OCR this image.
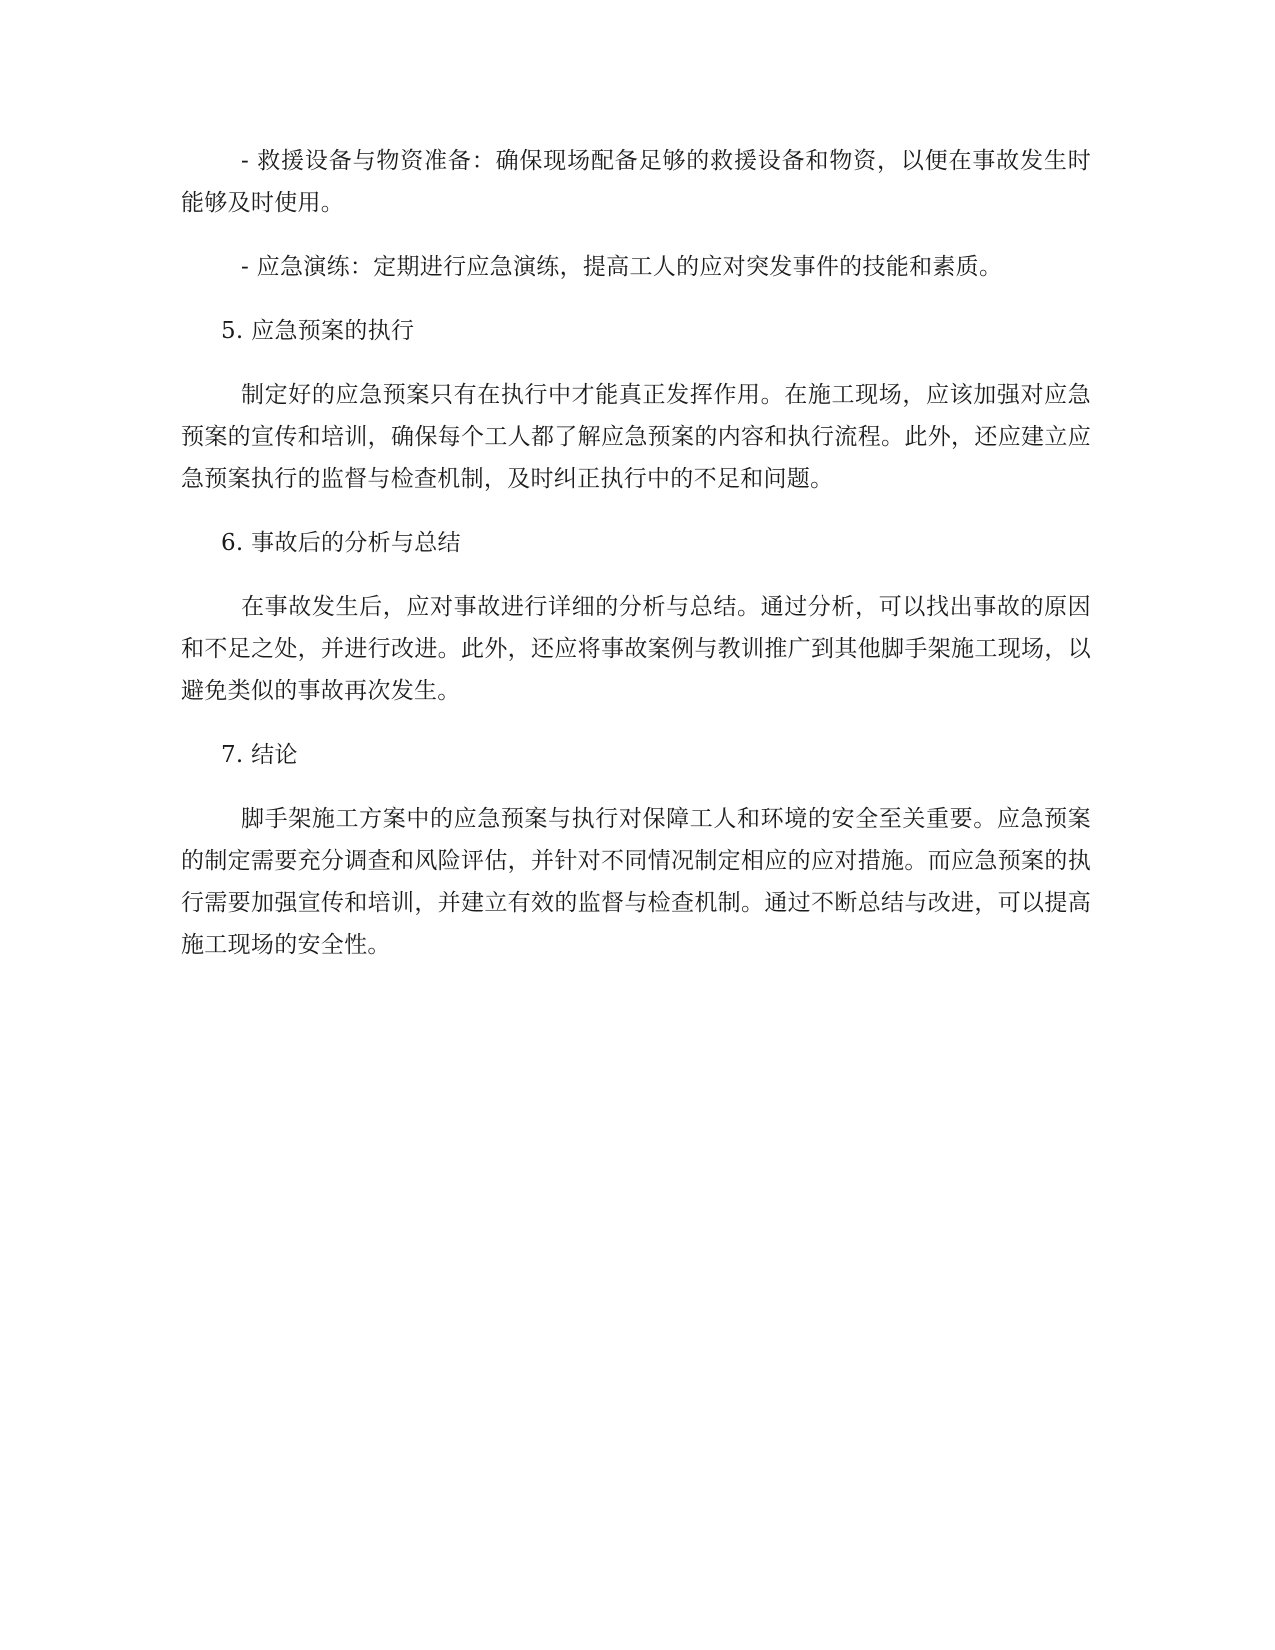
- 救援设备与物资准备：确保现场配备足够的救援设备和物资，以便在事故发生时能够及时使用。

- 应急演练：定期进行应急演练，提高工人的应对突发事件的技能和素质。

5. 应急预案的执行

制定好的应急预案只有在执行中才能真正发挥作用。在施工现场，应该加强对应急预案的宣传和培训，确保每个工人都了解应急预案的内容和执行流程。此外，还应建立应急预案执行的监督与检查机制，及时纠正执行中的不足和问题。

6. 事故后的分析与总结

在事故发生后，应对事故进行详细的分析与总结。通过分析，可以找出事故的原因和不足之处，并进行改进。此外，还应将事故案例与教训推广到其他脚手架施工现场，以避免类似的事故再次发生。

7. 结论

脚手架施工方案中的应急预案与执行对保障工人和环境的安全至关重要。应急预案的制定需要充分调查和风险评估，并针对不同情况制定相应的应对措施。而应急预案的执行需要加强宣传和培训，并建立有效的监督与检查机制。通过不断总结与改进，可以提高施工现场的安全性。
